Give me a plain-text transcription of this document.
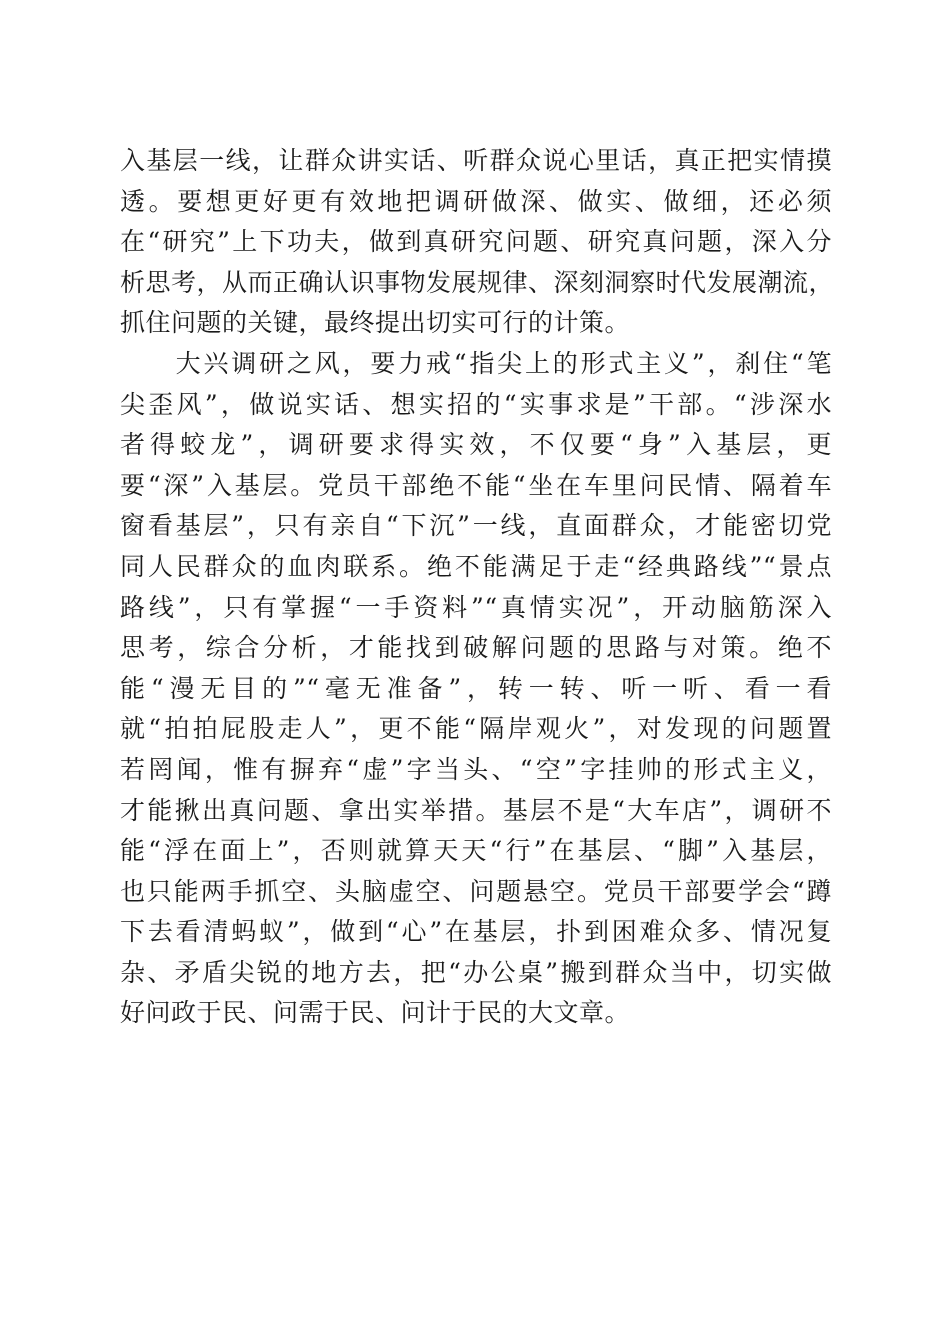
入基层一线，让群众讲实话、听群众说心里话，真正把实情摸
透。要想更好更有效地把调研做深、做实、做细，还必须
在“研究”上下功夫，做到真研究问题、研究真问题，深入分
析思考，从而正确认识事物发展规律、深刻洞察时代发展潮流，
抓住问题的关键，最终提出切实可行的计策。
　　大兴调研之风，要力戒“指尖上的形式主义”，刹住“笔
尖歪风”，做说实话、想实招的“实事求是”干部。“涉深水
者得蛟龙”，调研要求得实效，不仅要“身”入基层，更
要“深”入基层。党员干部绝不能“坐在车里问民情、隔着车
窗看基层”，只有亲自“下沉”一线，直面群众，才能密切党
同人民群众的血肉联系。绝不能满足于走“经典路线”“景点
路线”，只有掌握“一手资料”“真情实况”，开动脑筋深入
思考，综合分析，才能找到破解问题的思路与对策。绝不
能“漫无目的”“毫无准备”，转一转、听一听、看一看
就“拍拍屁股走人”，更不能“隔岸观火”，对发现的问题置
若罔闻，惟有摒弃“虚”字当头、“空”字挂帅的形式主义，
才能揪出真问题、拿出实举措。基层不是“大车店”，调研不
能“浮在面上”，否则就算天天“行”在基层、“脚”入基层，
也只能两手抓空、头脑虚空、问题悬空。党员干部要学会“蹲
下去看清蚂蚁”，做到“心”在基层，扑到困难众多、情况复
杂、矛盾尖锐的地方去，把“办公桌”搬到群众当中，切实做
好问政于民、问需于民、问计于民的大文章。
